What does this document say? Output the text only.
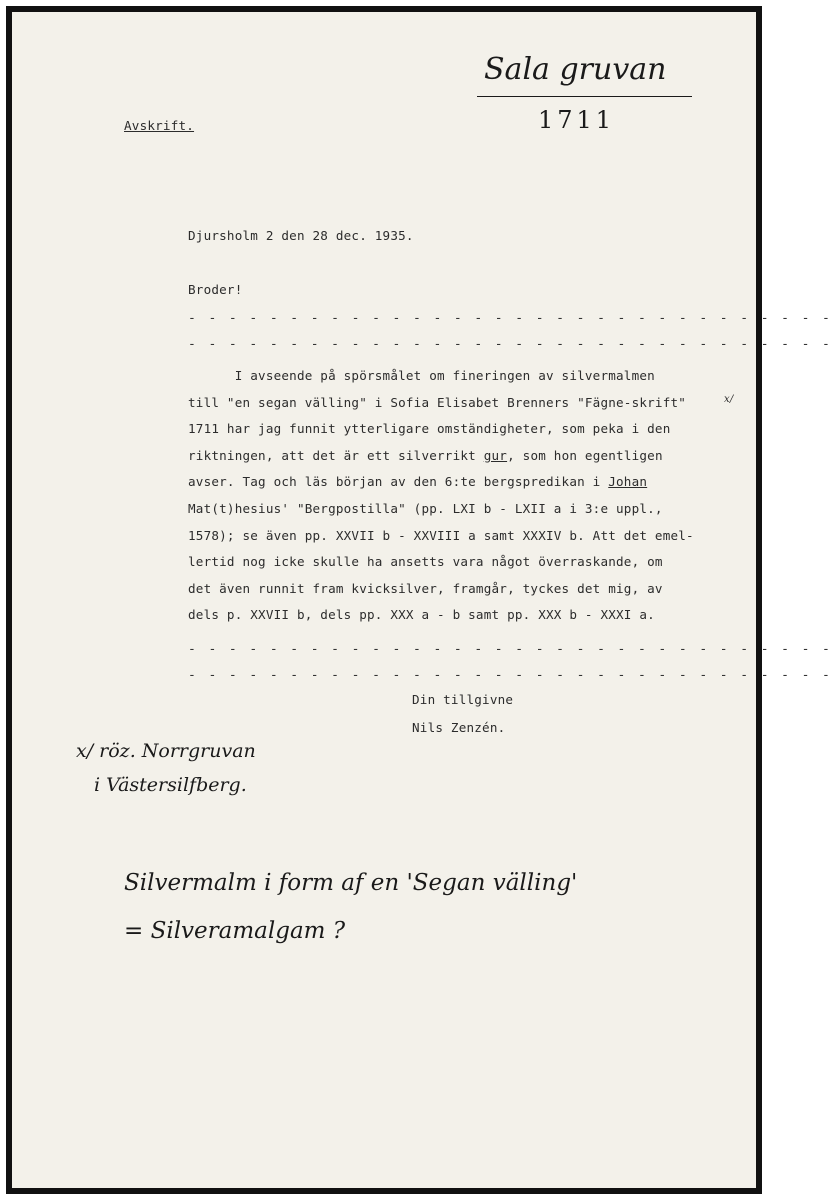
Avskrift.
Sala gruvan
1711
Djursholm 2 den 28 dec. 1935.
Broder!
- - - - - - - - - - - - - - - - - - - - - - - - - - - - - - - -
- - - - - - - - - - - - - - - - - - - - - - - - - - - - - - - -
I avseende på spörsmålet om fineringen av silvermalmen
till "en segan välling" i Sofia Elisabet Brenners "Fägne-skrift"
1711 har jag funnit ytterligare omständigheter, som peka i den
riktningen, att det är ett silverrikt gur, som hon egentligen
avser. Tag och läs början av den 6:te bergspredikan i Johan
Mat(t)hesius' "Bergpostilla" (pp. LXI b - LXII a i 3:e uppl.,
1578); se även pp. XXVII b - XXVIII a samt XXXIV b. Att det emel-
lertid nog icke skulle ha ansetts vara något överraskande, om
det även runnit fram kvicksilver, framgår, tyckes det mig, av
dels p. XXVII b, dels pp. XXX a - b samt pp. XXX b - XXXI a.
x/
- - - - - - - - - - - - - - - - - - - - - - - - - - - - - - - -
- - - - - - - - - - - - - - - - - - - - - - - - - - - - - - - -
Din tillgivne
Nils Zenzén.
x/ röz. Norrgruvan
i Västersilfberg.
Silvermalm i form af en 'Segan välling'
= Silveramalgam ?
